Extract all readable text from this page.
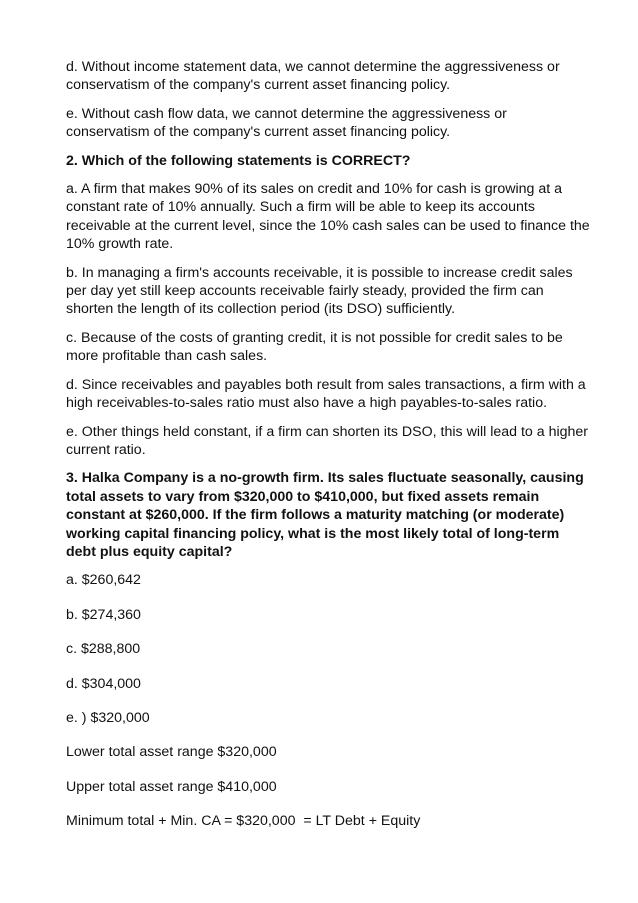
d. Without income statement data, we cannot determine the aggressiveness or conservatism of the company's current asset financing policy.

e. Without cash flow data, we cannot determine the aggressiveness or conservatism of the company's current asset financing policy.

2. Which of the following statements is CORRECT?

a. A firm that makes 90% of its sales on credit and 10% for cash is growing at a constant rate of 10% annually. Such a firm will be able to keep its accounts receivable at the current level, since the 10% cash sales can be used to finance the 10% growth rate.

b. In managing a firm's accounts receivable, it is possible to increase credit sales per day yet still keep accounts receivable fairly steady, provided the firm can shorten the length of its collection period (its DSO) sufficiently.

c. Because of the costs of granting credit, it is not possible for credit sales to be more profitable than cash sales.

d. Since receivables and payables both result from sales transactions, a firm with a high receivables-to-sales ratio must also have a high payables-to-sales ratio.

e. Other things held constant, if a firm can shorten its DSO, this will lead to a higher current ratio.

3. Halka Company is a no-growth firm. Its sales fluctuate seasonally, causing total assets to vary from $320,000 to $410,000, but fixed assets remain constant at $260,000. If the firm follows a maturity matching (or moderate) working capital financing policy, what is the most likely total of long-term debt plus equity capital?

a. $260,642

b. $274,360

c. $288,800

d. $304,000

e. ) $320,000

Lower total asset range $320,000

Upper total asset range $410,000

Minimum total + Min. CA = $320,000  = LT Debt + Equity
